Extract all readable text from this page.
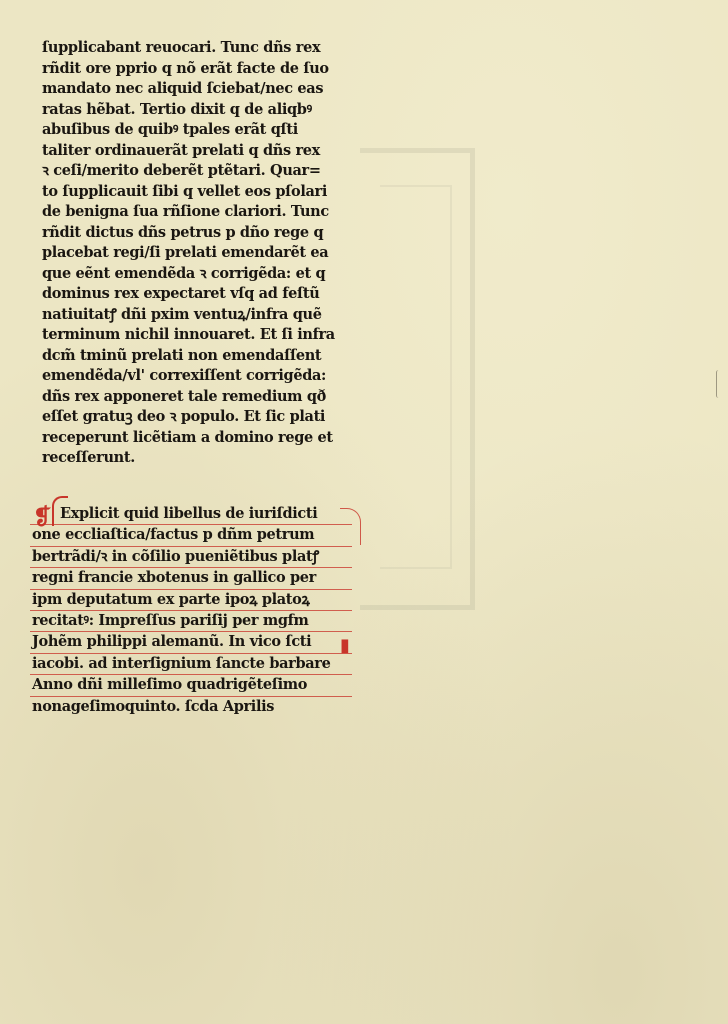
ſupplicabant reuocari. Tunc dñs rex
rñdit ore pprio q nõ erãt facte de ſuo
mandato nec aliquid ſciebat/nec eas
ratas hẽbat. Tertio dixit q de aliqbꝰ
abuſibus de quibꝰ tpales erãt qſti
taliter ordinauerãt prelati q dñs rex
ꝛ ceſi/merito deberẽt ptẽtari. Quar=
to ſupplicauit ſibi q vellet eos pſolari
de benigna ſua rñſione clariori. Tunc
rñdit dictus dñs petrus p dño rege q
placebat regi/ſi prelati emendarẽt ea
que eẽnt emendẽda ꝛ corrigẽda: et q
dominus rex expectaret vſq ad feſtũ
natiuitatꝭ dñi pxim ventuꝝ/infra quẽ
terminum nichil innouaret. Et ſi infra
dcm̃ tminũ prelati non emendaſſent
emendẽda/vl' correxiſſent corrigẽda:
dñs rex apponeret tale remedium qð
eſſet gratuꝫ deo ꝛ populo. Et ſic plati
receperunt licẽtiam a domino rege et
receſſerunt.
❡
▮
Explicit quid libellus de iuriſdicti
one eccliaſtica/factus p dñm petrum
bertrãdi/ꝛ in cõſilio pueniẽtibus platꝭ
regni francie xbotenus in gallico per
ipm deputatum ex parte ipoꝝ platoꝝ
recitatꝰ: Impreſſus pariſij per mgfm
Johẽm philippi alemanũ. In vico ſcti
iacobi. ad interſignium ſancte barbare
Anno dñi milleſimo quadrigẽteſimo
nonageſimoquinto. ſcda Aprilis
